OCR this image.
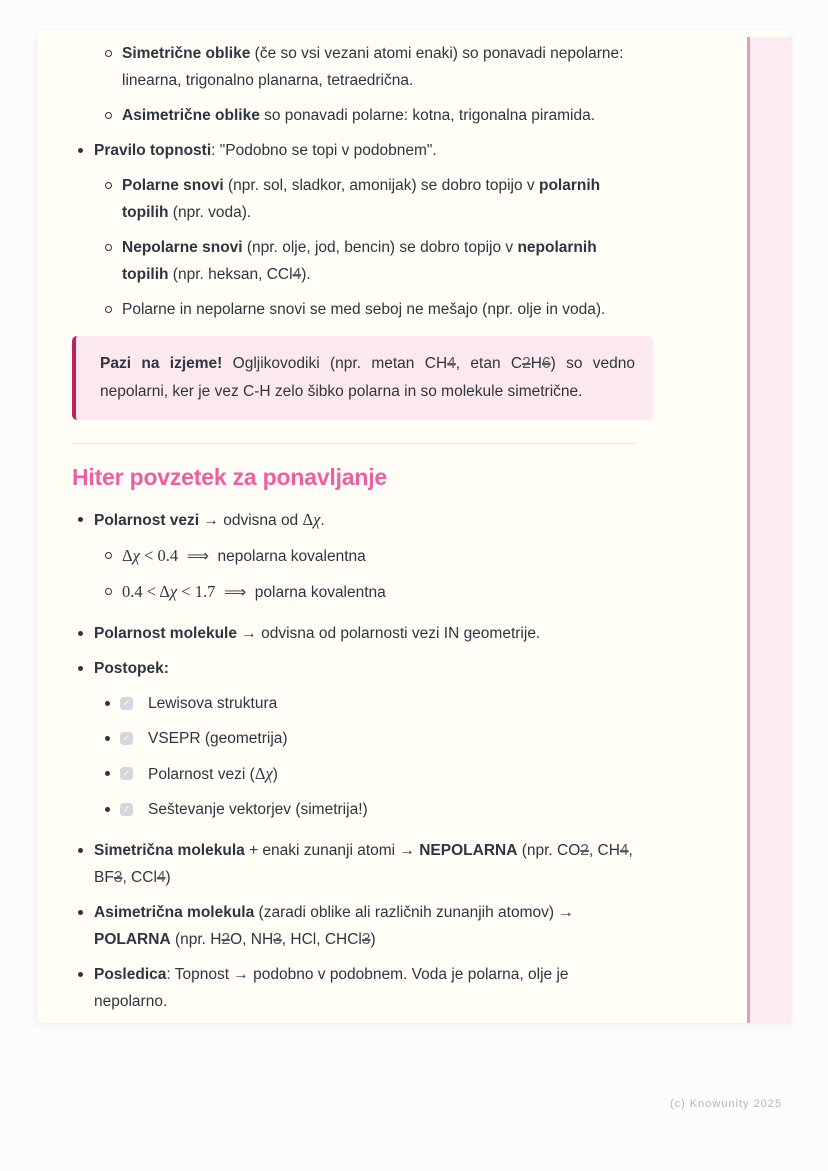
Simetrične oblike (če so vsi vezani atomi enaki) so ponavadi nepolarne: linearna, trigonalno planarna, tetraedrična.
Asimetrične oblike so ponavadi polarne: kotna, trigonalna piramida.
Pravilo topnosti: "Podobno se topi v podobnem".
Polarne snovi (npr. sol, sladkor, amonijak) se dobro topijo v polarnih topilih (npr. voda).
Nepolarne snovi (npr. olje, jod, bencin) se dobro topijo v nepolarnih topilih (npr. heksan, CCl4).
Polarne in nepolarne snovi se med seboj ne mešajo (npr. olje in voda).
Pazi na izjeme! Ogljikovodiki (npr. metan CH4, etan C2H6) so vedno nepolarni, ker je vez C-H zelo šibko polarna in so molekule simetrične.
Hiter povzetek za ponavljanje
Polarnost vezi → odvisna od Δχ.
Δχ < 0.4  ⟹  nepolarna kovalentna
0.4 < Δχ < 1.7  ⟹  polarna kovalentna
Polarnost molekule → odvisna od polarnosti vezi IN geometrije.
Postopek:
✓
Lewisova struktura
✓
VSEPR (geometrija)
✓
Polarnost vezi (Δχ)
✓
Seštevanje vektorjev (simetrija!)
Simetrična molekula + enaki zunanji atomi → NEPOLARNA (npr. CO2, CH4, BF3, CCl4)
Asimetrična molekula (zaradi oblike ali različnih zunanjih atomov) → POLARNA (npr. H2O, NH3, HCl, CHCl3)
Posledica: Topnost → podobno v podobnem. Voda je polarna, olje je nepolarno.
(c) Knowunity 2025
